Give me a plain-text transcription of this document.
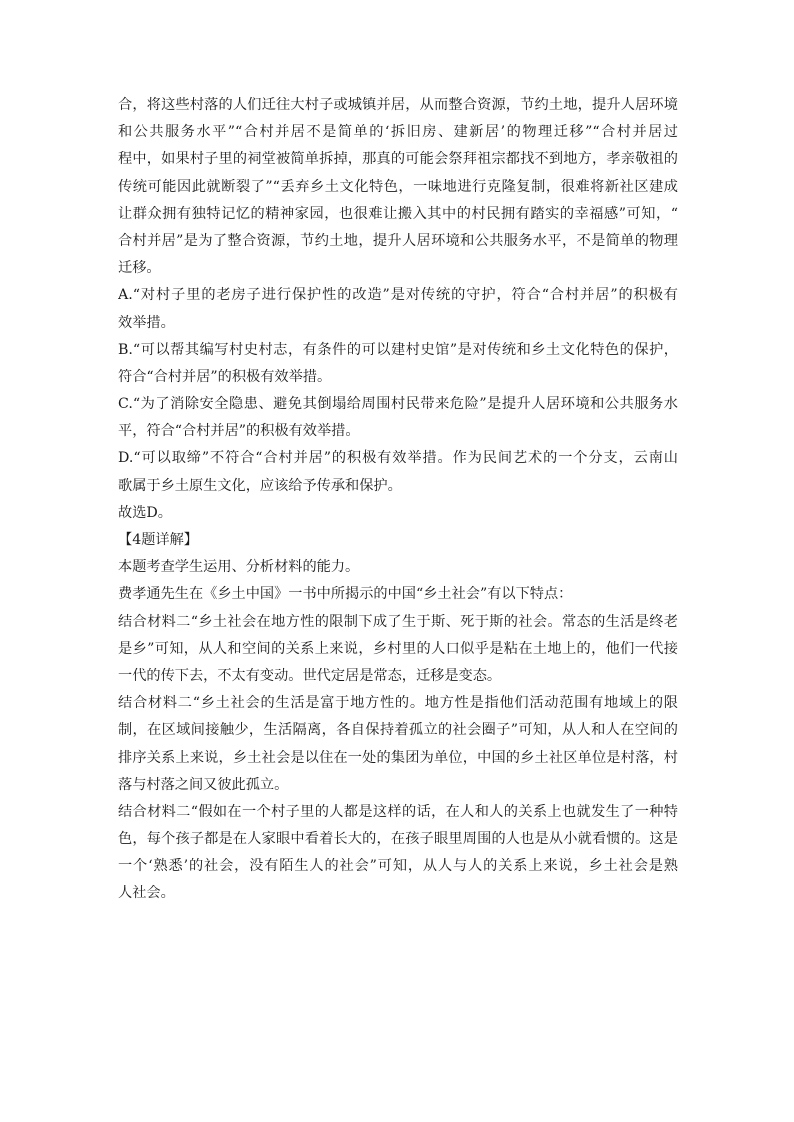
合，将这些村落的人们迁往大村子或城镇并居，从而整合资源，节约土地，提升人居环境
和公共服务水平”“合村并居不是简单的‘拆旧房、建新居’的物理迁移”“合村并居过
程中，如果村子里的祠堂被简单拆掉，那真的可能会祭拜祖宗都找不到地方，孝亲敬祖的
传统可能因此就断裂了”“丢弃乡土文化特色，一味地进行克隆复制，很难将新社区建成
让群众拥有独特记忆的精神家园，也很难让搬入其中的村民拥有踏实的幸福感”可知，“
合村并居”是为了整合资源，节约土地，提升人居环境和公共服务水平，不是简单的物理
迁移。
A.“对村子里的老房子进行保护性的改造”是对传统的守护，符合“合村并居”的积极有
效举措。
B.“可以帮其编写村史村志，有条件的可以建村史馆”是对传统和乡土文化特色的保护，
符合“合村并居”的积极有效举措。
C.“为了消除安全隐患、避免其倒塌给周围村民带来危险”是提升人居环境和公共服务水
平，符合“合村并居”的积极有效举措。
D.“可以取缔”不符合“合村并居”的积极有效举措。作为民间艺术的一个分支，云南山
歌属于乡土原生文化，应该给予传承和保护。
故选D。
【4题详解】
本题考查学生运用、分析材料的能力。
费孝通先生在《乡土中国》一书中所揭示的中国“乡土社会”有以下特点：
结合材料二“乡土社会在地方性的限制下成了生于斯、死于斯的社会。常态的生活是终老
是乡”可知，从人和空间的关系上来说，乡村里的人口似乎是粘在土地上的，他们一代接
一代的传下去，不太有变动。世代定居是常态，迁移是变态。
结合材料二“乡土社会的生活是富于地方性的。地方性是指他们活动范围有地域上的限
制，在区域间接触少，生活隔离，各自保持着孤立的社会圈子”可知，从人和人在空间的
排序关系上来说，乡土社会是以住在一处的集团为单位，中国的乡土社区单位是村落，村
落与村落之间又彼此孤立。
结合材料二“假如在一个村子里的人都是这样的话，在人和人的关系上也就发生了一种特
色，每个孩子都是在人家眼中看着长大的，在孩子眼里周围的人也是从小就看惯的。这是
一个‘熟悉’的社会，没有陌生人的社会”可知，从人与人的关系上来说，乡土社会是熟
人社会。
